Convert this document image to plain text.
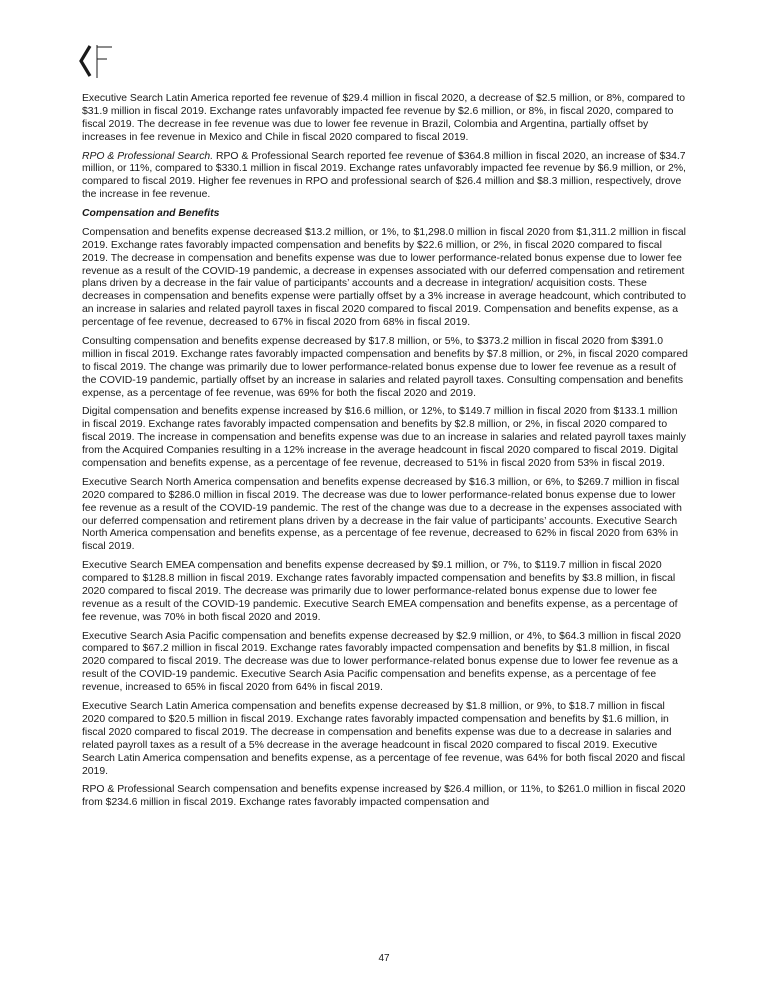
Executive Search Latin America reported fee revenue of $29.4 million in fiscal 2020, a decrease of $2.5 million, or 8%, compared to $31.9 million in fiscal 2019. Exchange rates unfavorably impacted fee revenue by $2.6 million, or 8%, in fiscal 2020, compared to fiscal 2019. The decrease in fee revenue was due to lower fee revenue in Brazil, Colombia and Argentina, partially offset by increases in fee revenue in Mexico and Chile in fiscal 2020 compared to fiscal 2019.

RPO & Professional Search. RPO & Professional Search reported fee revenue of $364.8 million in fiscal 2020, an increase of $34.7 million, or 11%, compared to $330.1 million in fiscal 2019. Exchange rates unfavorably impacted fee revenue by $6.9 million, or 2%, compared to fiscal 2019. Higher fee revenues in RPO and professional search of $26.4 million and $8.3 million, respectively, drove the increase in fee revenue.

Compensation and Benefits

Compensation and benefits expense decreased $13.2 million, or 1%, to $1,298.0 million in fiscal 2020 from $1,311.2 million in fiscal 2019. Exchange rates favorably impacted compensation and benefits by $22.6 million, or 2%, in fiscal 2020 compared to fiscal 2019. The decrease in compensation and benefits expense was due to lower performance-related bonus expense due to lower fee revenue as a result of the COVID-19 pandemic, a decrease in expenses associated with our deferred compensation and retirement plans driven by a decrease in the fair value of participants’ accounts and a decrease in integration/ acquisition costs. These decreases in compensation and benefits expense were partially offset by a 3% increase in average headcount, which contributed to an increase in salaries and related payroll taxes in fiscal 2020 compared to fiscal 2019. Compensation and benefits expense, as a percentage of fee revenue, decreased to 67% in fiscal 2020 from 68% in fiscal 2019.

Consulting compensation and benefits expense decreased by $17.8 million, or 5%, to $373.2 million in fiscal 2020 from $391.0 million in fiscal 2019. Exchange rates favorably impacted compensation and benefits by $7.8 million, or 2%, in fiscal 2020 compared to fiscal 2019. The change was primarily due to lower performance-related bonus expense due to lower fee revenue as a result of the COVID-19 pandemic, partially offset by an increase in salaries and related payroll taxes. Consulting compensation and benefits expense, as a percentage of fee revenue, was 69% for both the fiscal 2020 and 2019.

Digital compensation and benefits expense increased by $16.6 million, or 12%, to $149.7 million in fiscal 2020 from $133.1 million in fiscal 2019. Exchange rates favorably impacted compensation and benefits by $2.8 million, or 2%, in fiscal 2020 compared to fiscal 2019. The increase in compensation and benefits expense was due to an increase in salaries and related payroll taxes mainly from the Acquired Companies resulting in a 12% increase in the average headcount in fiscal 2020 compared to fiscal 2019. Digital compensation and benefits expense, as a percentage of fee revenue, decreased to 51% in fiscal 2020 from 53% in fiscal 2019.

Executive Search North America compensation and benefits expense decreased by $16.3 million, or 6%, to $269.7 million in fiscal 2020 compared to $286.0 million in fiscal 2019. The decrease was due to lower performance-related bonus expense due to lower fee revenue as a result of the COVID-19 pandemic. The rest of the change was due to a decrease in the expenses associated with our deferred compensation and retirement plans driven by a decrease in the fair value of participants’ accounts. Executive Search North America compensation and benefits expense, as a percentage of fee revenue, decreased to 62% in fiscal 2020 from 63% in fiscal 2019.

Executive Search EMEA compensation and benefits expense decreased by $9.1 million, or 7%, to $119.7 million in fiscal 2020 compared to $128.8 million in fiscal 2019. Exchange rates favorably impacted compensation and benefits by $3.8 million, in fiscal 2020 compared to fiscal 2019. The decrease was primarily due to lower performance-related bonus expense due to lower fee revenue as a result of the COVID-19 pandemic. Executive Search EMEA compensation and benefits expense, as a percentage of fee revenue, was 70% in both fiscal 2020 and 2019.

Executive Search Asia Pacific compensation and benefits expense decreased by $2.9 million, or 4%, to $64.3 million in fiscal 2020 compared to $67.2 million in fiscal 2019. Exchange rates favorably impacted compensation and benefits by $1.8 million, in fiscal 2020 compared to fiscal 2019. The decrease was due to lower performance-related bonus expense due to lower fee revenue as a result of the COVID-19 pandemic. Executive Search Asia Pacific compensation and benefits expense, as a percentage of fee revenue, increased to 65% in fiscal 2020 from 64% in fiscal 2019.

Executive Search Latin America compensation and benefits expense decreased by $1.8 million, or 9%, to $18.7 million in fiscal 2020 compared to $20.5 million in fiscal 2019. Exchange rates favorably impacted compensation and benefits by $1.6 million, in fiscal 2020 compared to fiscal 2019. The decrease in compensation and benefits expense was due to a decrease in salaries and related payroll taxes as a result of a 5% decrease in the average headcount in fiscal 2020 compared to fiscal 2019. Executive Search Latin America compensation and benefits expense, as a percentage of fee revenue, was 64% for both fiscal 2020 and fiscal 2019.

RPO & Professional Search compensation and benefits expense increased by $26.4 million, or 11%, to $261.0 million in fiscal 2020 from $234.6 million in fiscal 2019. Exchange rates favorably impacted compensation and

47
